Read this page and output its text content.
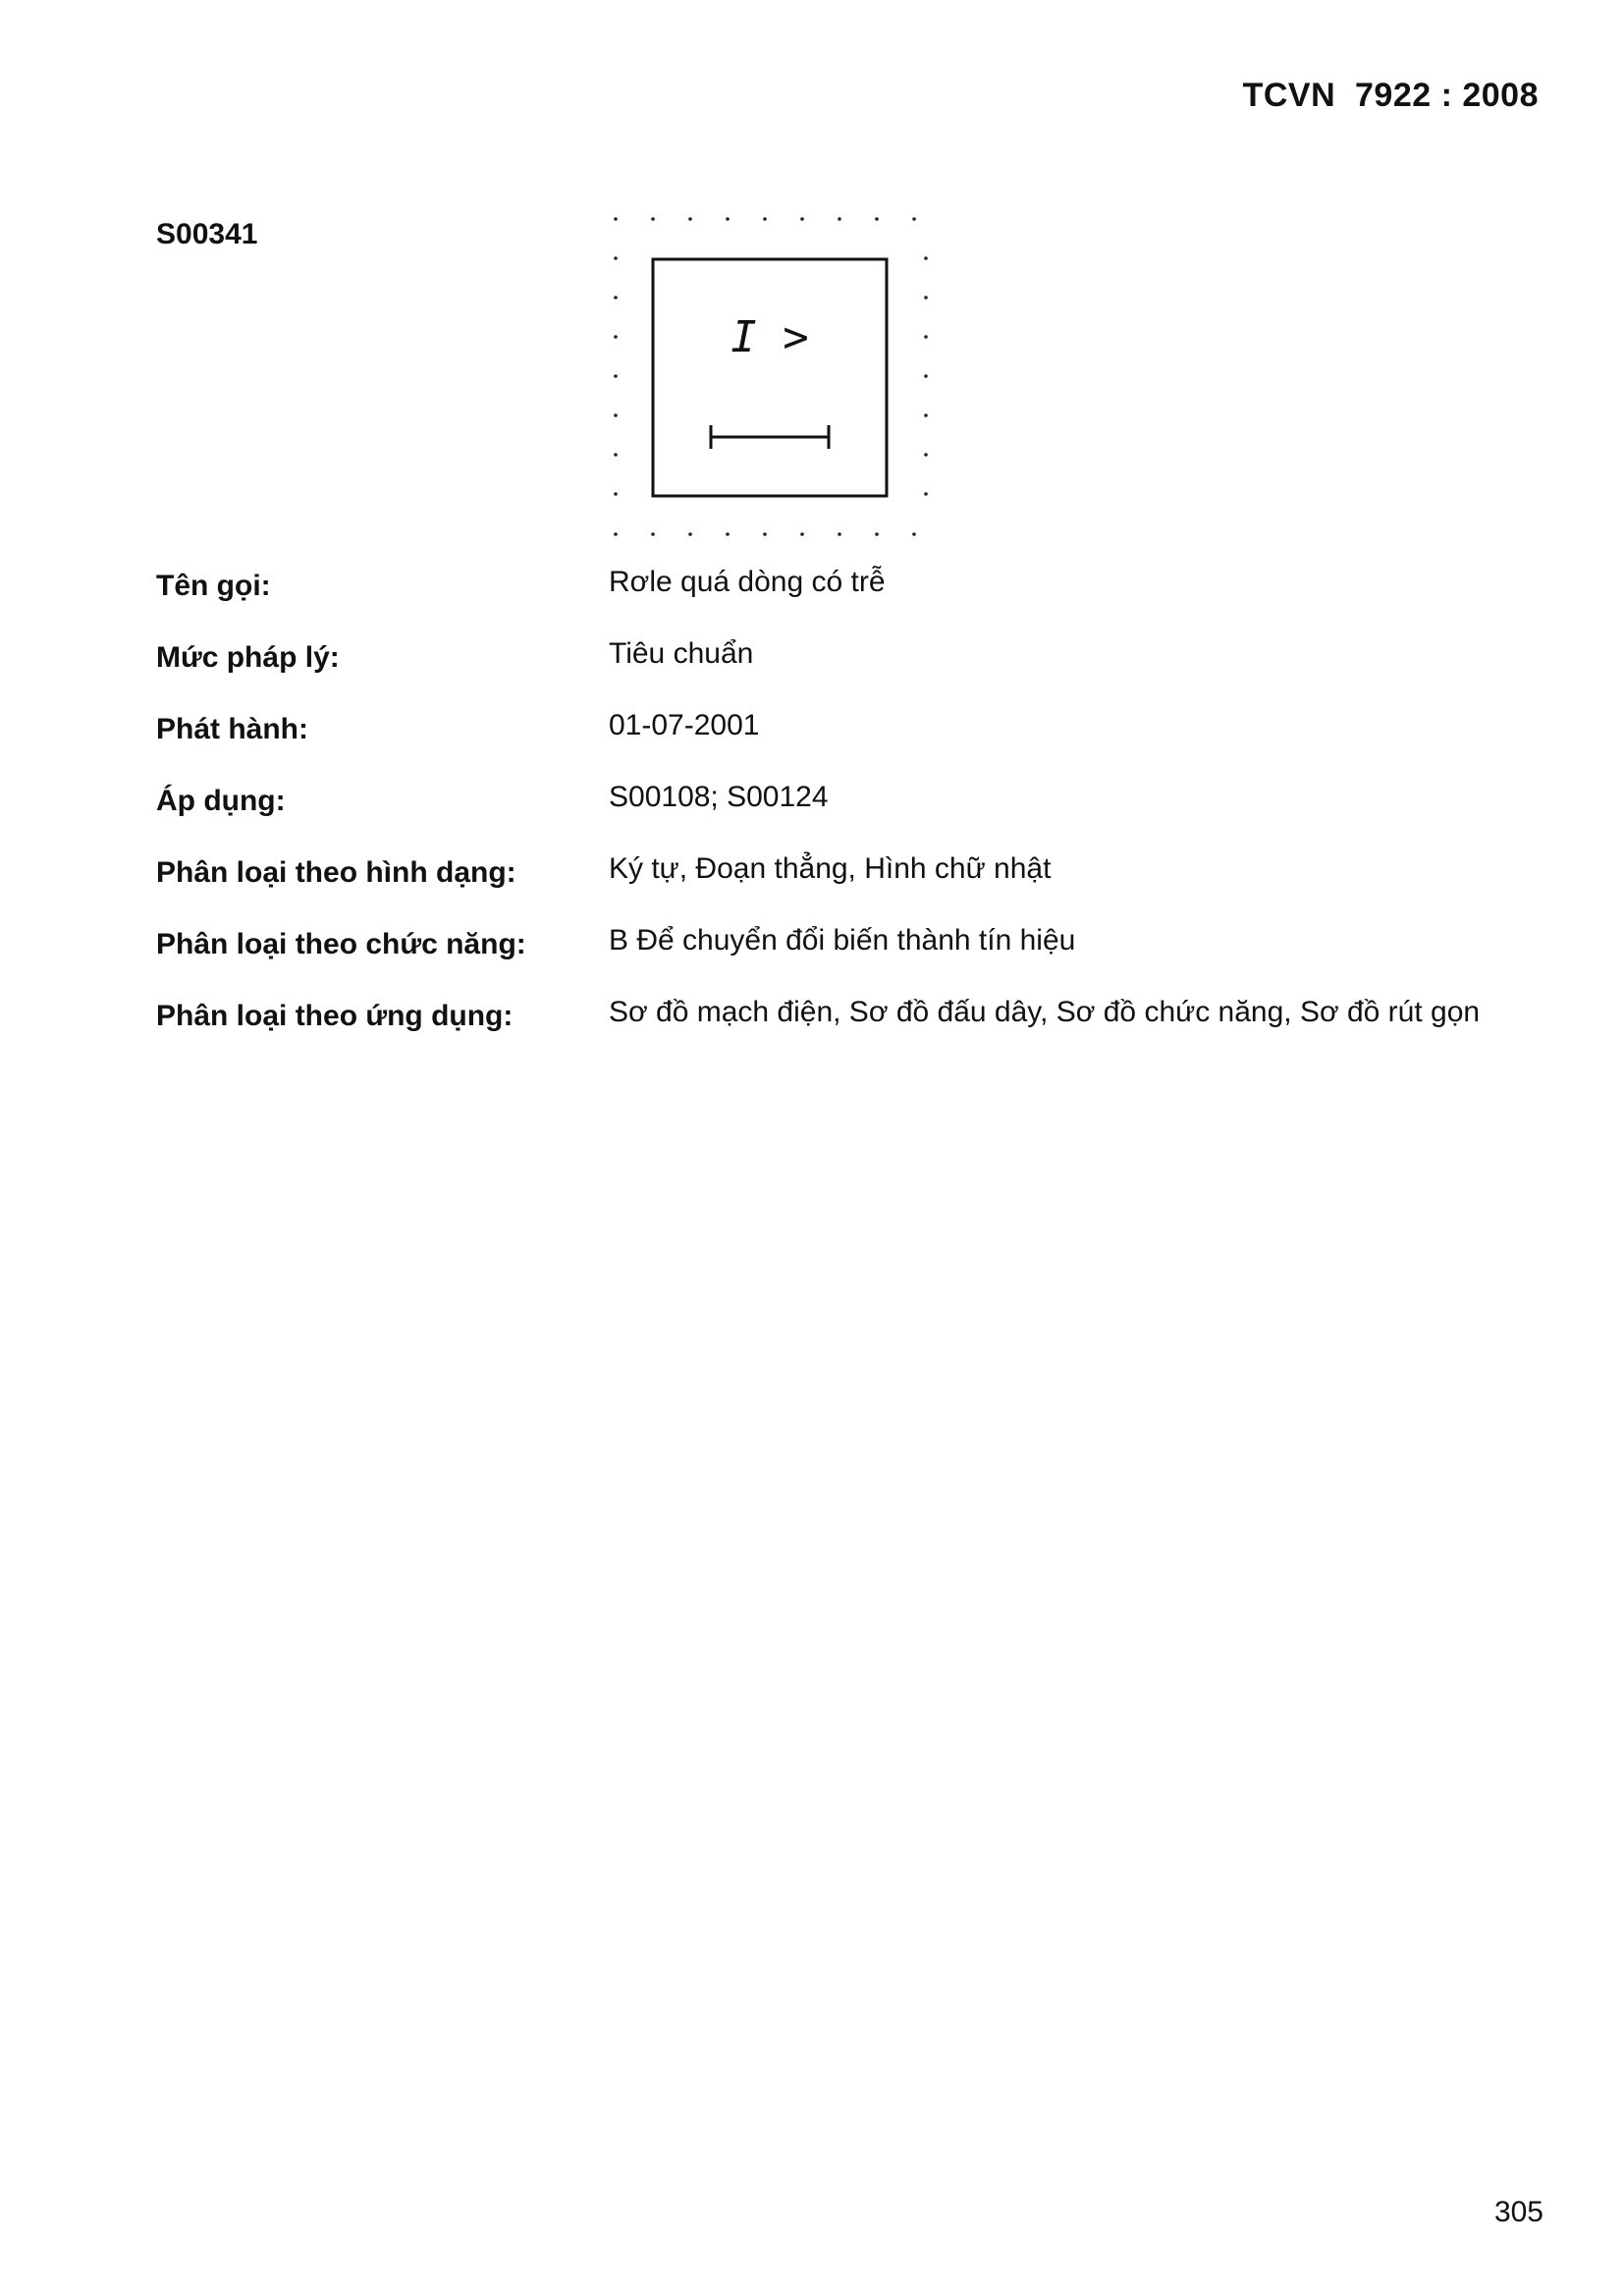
TCVN  7922 : 2008
S00341
I >
Tên gọi:	Rơle quá dòng có trễ
Mức pháp lý:	Tiêu chuẩn
Phát hành:	01-07-2001
Áp dụng:	S00108; S00124
Phân loại theo hình dạng:	Ký tự, Đoạn thẳng, Hình chữ nhật
Phân loại theo chức năng:	B Để chuyển đổi biến thành tín hiệu
Phân loại theo ứng dụng:	Sơ đồ mạch điện, Sơ đồ đấu dây, Sơ đồ chức năng, Sơ đồ rút gọn
305
